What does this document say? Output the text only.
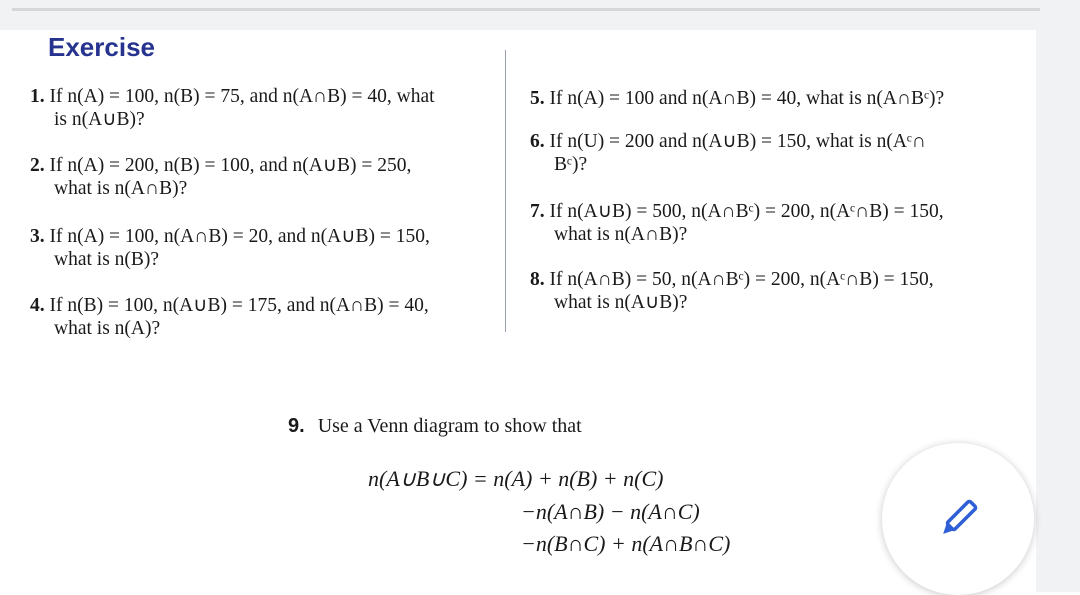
Exercise
1. If n(A) = 100, n(B) = 75, and n(A∩B) = 40, what
is n(A∪B)?
2. If n(A) = 200, n(B) = 100, and n(A∪B) = 250,
what is n(A∩B)?
3. If n(A) = 100, n(A∩B) = 20, and n(A∪B) = 150,
what is n(B)?
4. If n(B) = 100, n(A∪B) = 175, and n(A∩B) = 40,
what is n(A)?
5. If n(A) = 100 and n(A∩B) = 40, what is n(A∩Bᶜ)?
6. If n(U) = 200 and n(A∪B) = 150, what is n(Aᶜ∩
Bᶜ)?
7. If n(A∪B) = 500, n(A∩Bᶜ) = 200, n(Aᶜ∩B) = 150,
what is n(A∩B)?
8. If n(A∩B) = 50, n(A∩Bᶜ) = 200, n(Aᶜ∩B) = 150,
what is n(A∪B)?
9. Use a Venn diagram to show that
n(A∪B∪C) = n(A) + n(B) + n(C)
−n(A∩B) − n(A∩C)
−n(B∩C) + n(A∩B∩C)
